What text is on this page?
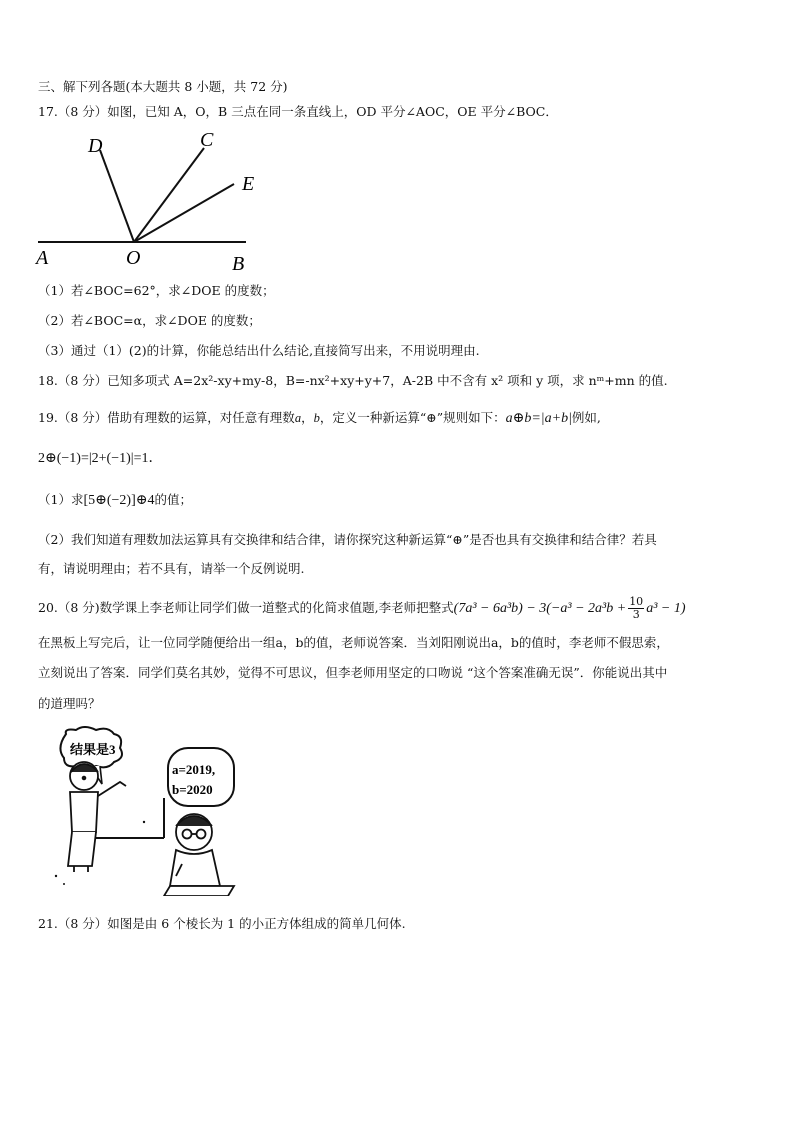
三、解下列各题(本大题共 8 小题，共 72 分)
17.（8 分）如图，已知 A，O，B 三点在同一条直线上，OD 平分∠AOC，OE 平分∠BOC．
D	C
E
A	O	B
（1）若∠BOC=62°，求∠DOE 的度数；
（2）若∠BOC=α，求∠DOE 的度数；
（3）通过（1）(2)的计算，你能总结出什么结论,直接简写出来，不用说明理由.
18.（8 分）已知多项式 A=2x²-xy+my-8，B=-nx²+xy+y+7，A-2B 中不含有 x² 项和 y 项，求 nᵐ+mn 的值.
19.（8 分）借助有理数的运算，对任意有理数a，b，定义一种新运算“⊕”规则如下：a⊕b=|a+b|例如,
2⊕(−1)=|2+(−1)|=1．
（1）求[5⊕(−2)]⊕4的值；
（2）我们知道有理数加法运算具有交换律和结合律，请你探究这种新运算“⊕”是否也具有交换律和结合律？若具
有，请说明理由；若不具有，请举一个反例说明.
20.（8 分)数学课上李老师让同学们做一道整式的化简求值题,李老师把整式$(7a^3 - 6a^3b) - 3(-a^3 - 2a^3b + \frac{10}{3} a^3 - 1)$
在黑板上写完后，让一位同学随便给出一组a，b的值，老师说答案．当刘阳刚说出a，b的值时，李老师不假思索，
立刻说出了答案．同学们莫名其妙，觉得不可思议，但李老师用坚定的口吻说 “这个答案准确无误”．你能说出其中
的道理吗？
结果是3
a=2019,
b=2020
21.（8 分）如图是由 6 个棱长为 1 的小正方体组成的简单几何体.
